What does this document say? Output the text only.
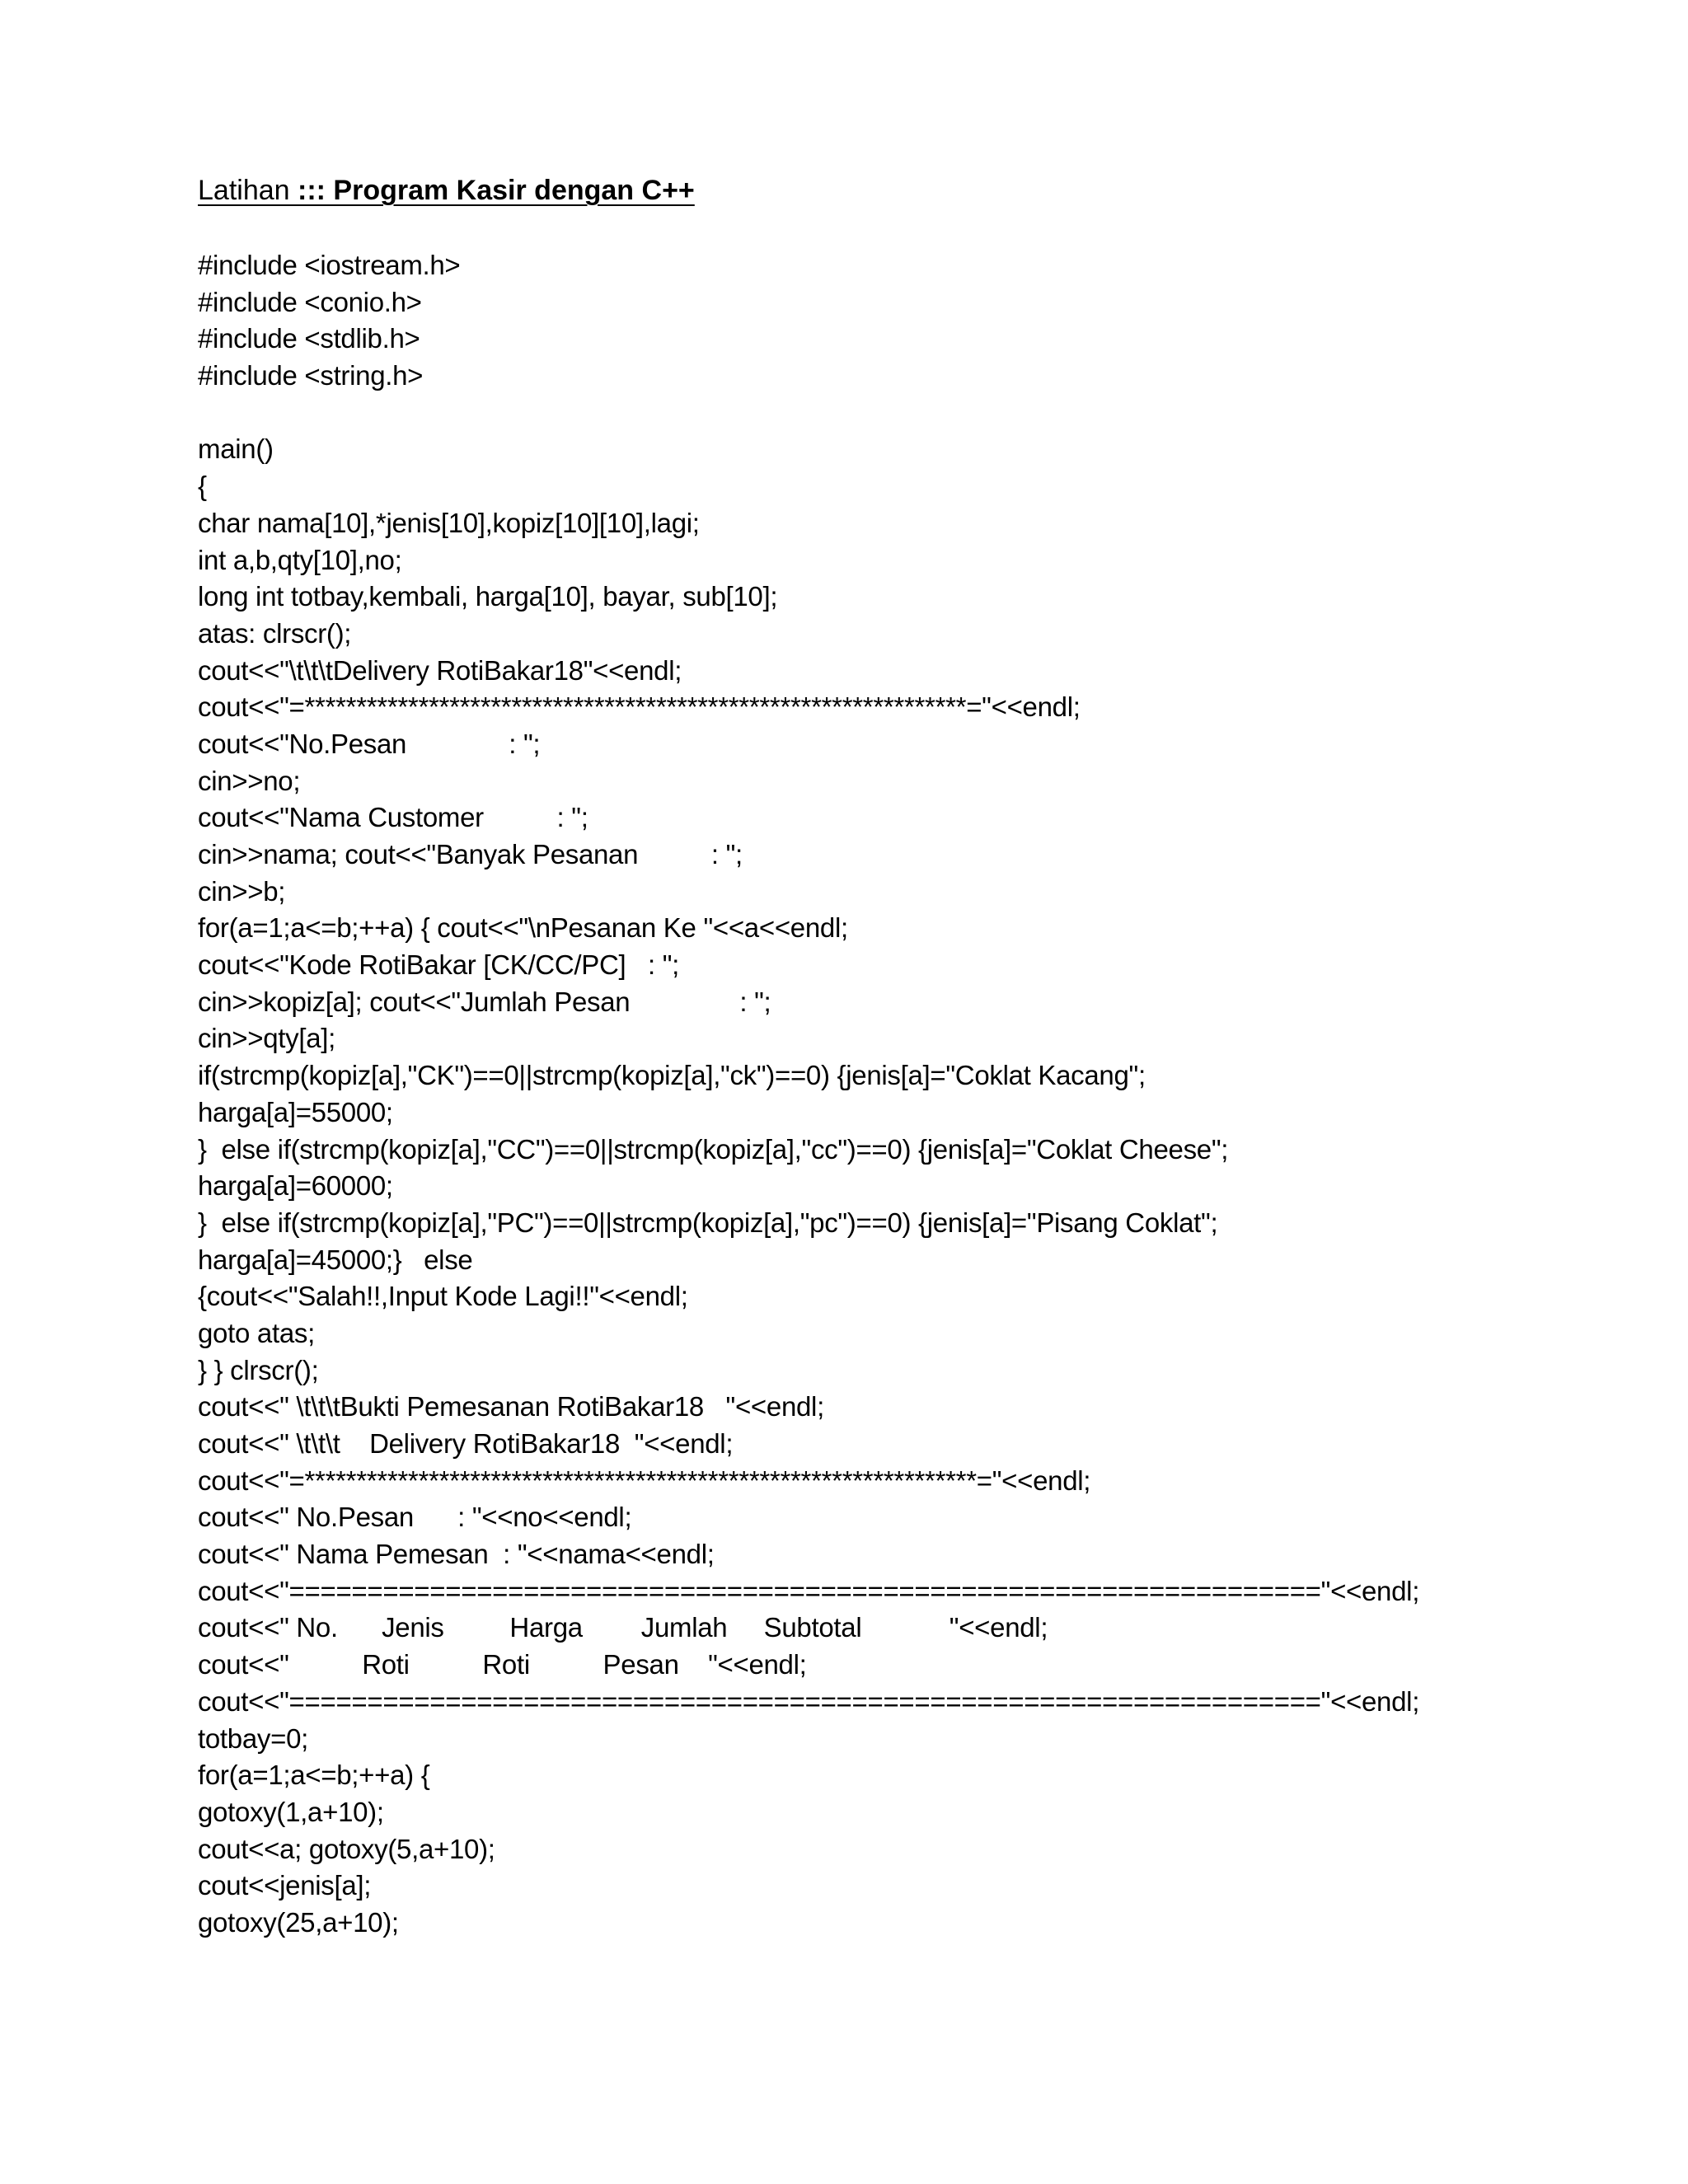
Latihan ::: Program Kasir dengan C++
#include <iostream.h>
#include <conio.h>
#include <stdlib.h>
#include <string.h>
main()
{
char nama[10],*jenis[10],kopiz[10][10],lagi;
int a,b,qty[10],no;
long int totbay,kembali, harga[10], bayar, sub[10];
atas: clrscr();
cout<<"\t\t\tDelivery RotiBakar18"<<endl;
cout<<"=****************************************************************="<<endl;
cout<<"No.Pesan              : ";
cin>>no;
cout<<"Nama Customer          : ";
cin>>nama; cout<<"Banyak Pesanan          : ";
cin>>b;
for(a=1;a<=b;++a) { cout<<"\nPesanan Ke "<<a<<endl;
cout<<"Kode RotiBakar [CK/CC/PC]   : ";
cin>>kopiz[a]; cout<<"Jumlah Pesan               : ";
cin>>qty[a];
if(strcmp(kopiz[a],"CK")==0||strcmp(kopiz[a],"ck")==0) {jenis[a]="Coklat Kacang";
harga[a]=55000;
}  else if(strcmp(kopiz[a],"CC")==0||strcmp(kopiz[a],"cc")==0) {jenis[a]="Coklat Cheese";
harga[a]=60000;
}  else if(strcmp(kopiz[a],"PC")==0||strcmp(kopiz[a],"pc")==0) {jenis[a]="Pisang Coklat";
harga[a]=45000;}   else
{cout<<"Salah!!,Input Kode Lagi!!"<<endl;
goto atas;
} } clrscr();
cout<<" \t\t\tBukti Pemesanan RotiBakar18   "<<endl;
cout<<" \t\t\t    Delivery RotiBakar18  "<<endl;
cout<<"=*****************************************************************="<<endl;
cout<<" No.Pesan      : "<<no<<endl;
cout<<" Nama Pemesan  : "<<nama<<endl;
cout<<"=================================================================="<<endl;
cout<<" No.      Jenis         Harga        Jumlah     Subtotal            "<<endl;
cout<<"          Roti          Roti          Pesan    "<<endl;
cout<<"=================================================================="<<endl;
totbay=0;
for(a=1;a<=b;++a) {
gotoxy(1,a+10);
cout<<a; gotoxy(5,a+10);
cout<<jenis[a];
gotoxy(25,a+10);
